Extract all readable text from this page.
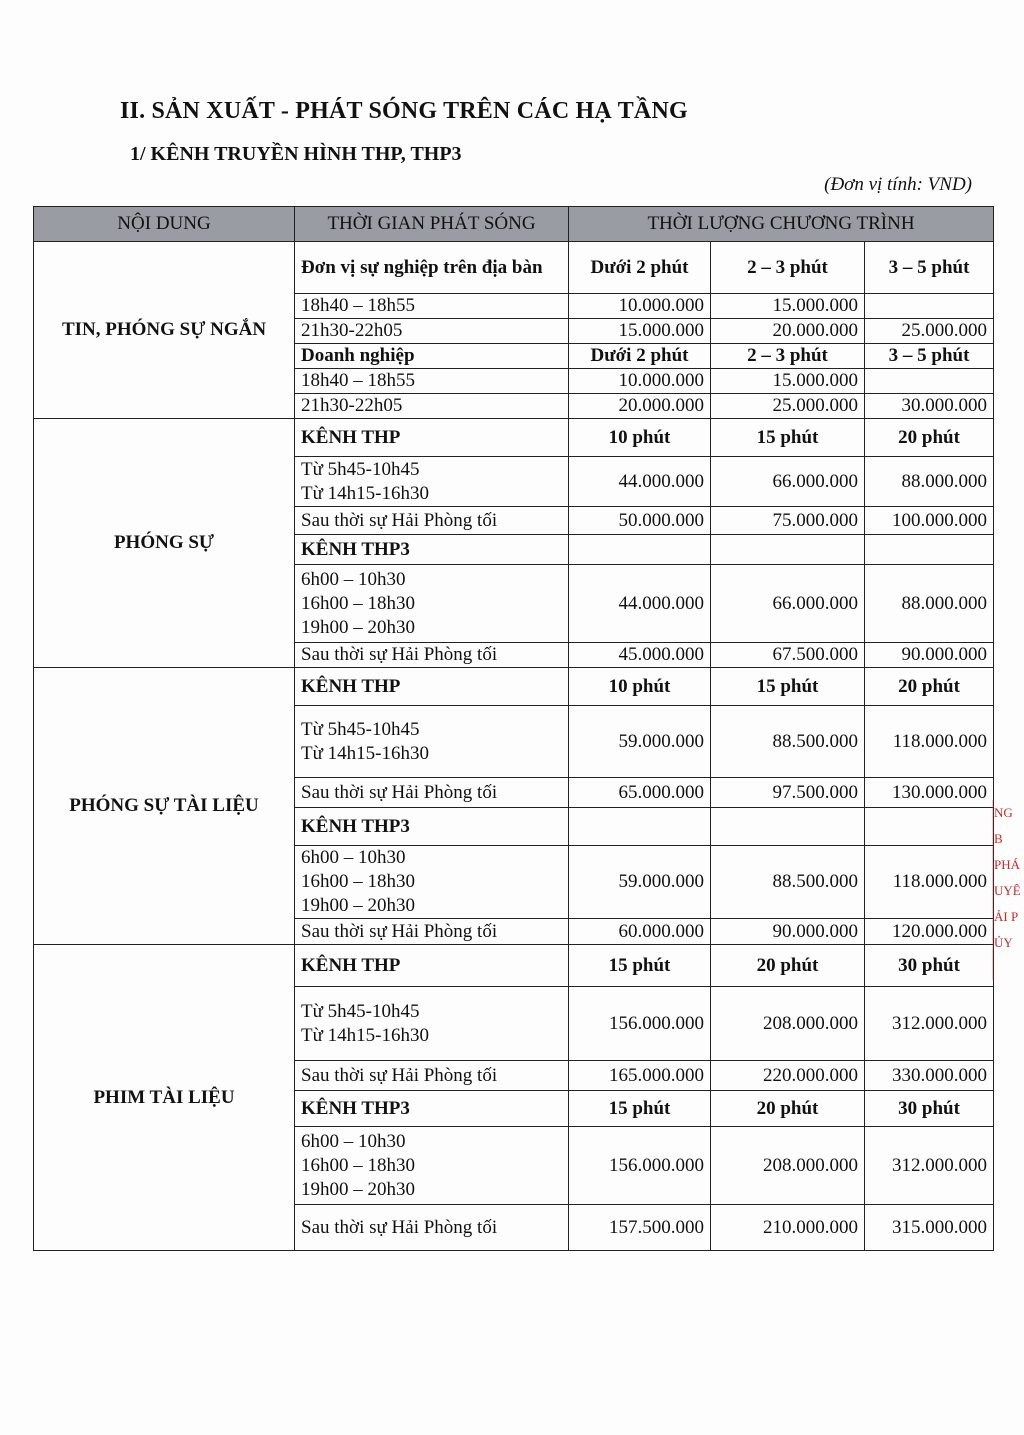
II. SẢN XUẤT - PHÁT SÓNG TRÊN CÁC HẠ TẦNG
1/ KÊNH TRUYỀN HÌNH THP, THP3
(Đơn vị tính: VND)
NỘI DUNG	THỜI GIAN PHÁT SÓNG	THỜI LƯỢNG CHƯƠNG TRÌNH		
TIN, PHÓNG SỰ NGẮN	Đơn vị sự nghiệp trên địa bàn	Dưới 2 phút	2 – 3 phút	3 – 5 phút

	18h40 – 18h55	10.000.000	15.000.000	

	21h30-22h05	15.000.000	20.000.000	25.000.000

	Doanh nghiệp	Dưới 2 phút	2 – 3 phút	3 – 5 phút

	18h40 – 18h55	10.000.000	15.000.000	

	21h30-22h05	20.000.000	25.000.000	30.000.000
PHÓNG SỰ	KÊNH THP	10 phút	15 phút	20 phút

	Từ 5h45-10h45
Từ 14h15-16h30	44.000.000	66.000.000	88.000.000

	Sau thời sự Hải Phòng tối	50.000.000	75.000.000	100.000.000

	KÊNH THP3			

	6h00 – 10h30
16h00 – 18h30
19h00 – 20h30	44.000.000	66.000.000	88.000.000

	Sau thời sự Hải Phòng tối	45.000.000	67.500.000	90.000.000
PHÓNG SỰ TÀI LIỆU	KÊNH THP	10 phút	15 phút	20 phút

	Từ 5h45-10h45
Từ 14h15-16h30	59.000.000	88.500.000	118.000.000

	Sau thời sự Hải Phòng tối	65.000.000	97.500.000	130.000.000

	KÊNH THP3			

	6h00 – 10h30
16h00 – 18h30
19h00 – 20h30	59.000.000	88.500.000	118.000.000

	Sau thời sự Hải Phòng tối	60.000.000	90.000.000	120.000.000
PHIM TÀI LIỆU	KÊNH THP	15 phút	20 phút	30 phút

	Từ 5h45-10h45
Từ 14h15-16h30	156.000.000	208.000.000	312.000.000

	Sau thời sự Hải Phòng tối	165.000.000	220.000.000	330.000.000

	KÊNH THP3	15 phút	20 phút	30 phút

	6h00 – 10h30
16h00 – 18h30
19h00 – 20h30	156.000.000	208.000.000	312.000.000

	Sau thời sự Hải Phòng tối	157.500.000	210.000.000	315.000.000
NG
B
PHÁ
UYÊ
ẢI P
ỦY
